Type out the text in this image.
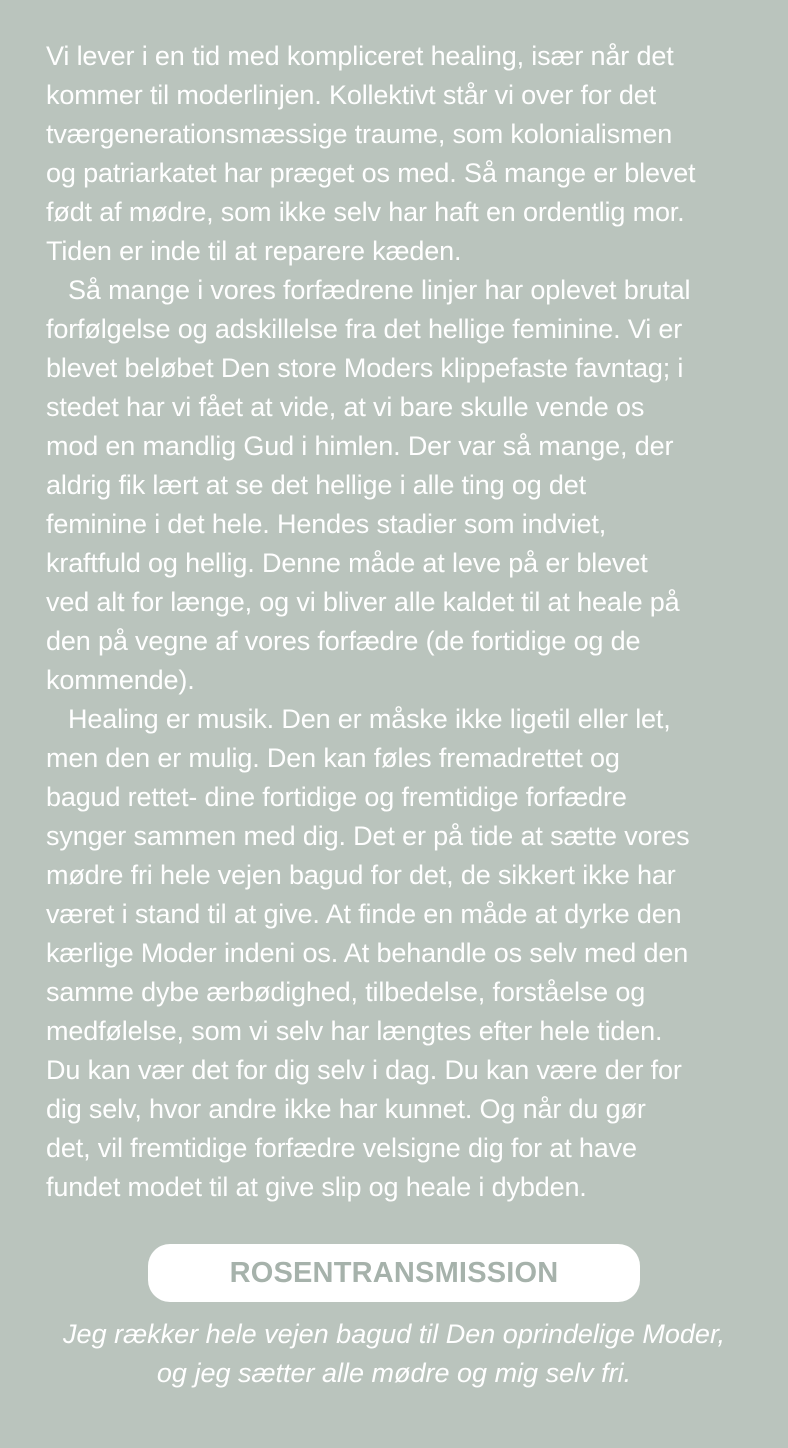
Vi lever i en tid med kompliceret healing, især når det
kommer til moderlinjen. Kollektivt står vi over for det
tværgenerationsmæssige traume, som kolonialismen
og patriarkatet har præget os med. Så mange er blevet
født af mødre, som ikke selv har haft en ordentlig mor.
Tiden er inde til at reparere kæden.

Så mange i vores forfædrene linjer har oplevet brutal
forfølgelse og adskillelse fra det hellige feminine. Vi er
blevet beløbet Den store Moders klippefaste favntag; i
stedet har vi fået at vide, at vi bare skulle vende os
mod en mandlig Gud i himlen. Der var så mange, der
aldrig fik lært at se det hellige i alle ting og det
feminine i det hele. Hendes stadier som indviet,
kraftfuld og hellig. Denne måde at leve på er blevet
ved alt for længe, og vi bliver alle kaldet til at heale på
den på vegne af vores forfædre (de fortidige og de
kommende).

Healing er musik. Den er måske ikke ligetil eller let,
men den er mulig. Den kan føles fremadrettet og
bagud rettet- dine fortidige og fremtidige forfædre
synger sammen med dig. Det er på tide at sætte vores
mødre fri hele vejen bagud for det, de sikkert ikke har
været i stand til at give. At finde en måde at dyrke den
kærlige Moder indeni os. At behandle os selv med den
samme dybe ærbødighed, tilbedelse, forståelse og
medfølelse, som vi selv har længtes efter hele tiden.
Du kan vær det for dig selv i dag. Du kan være der for
dig selv, hvor andre ikke har kunnet. Og når du gør
det, vil fremtidige forfædre velsigne dig for at have
fundet modet til at give slip og heale i dybden.

ROSENTRANSMISSION
Jeg rækker hele vejen bagud til Den oprindelige Moder,
og jeg sætter alle mødre og mig selv fri.
